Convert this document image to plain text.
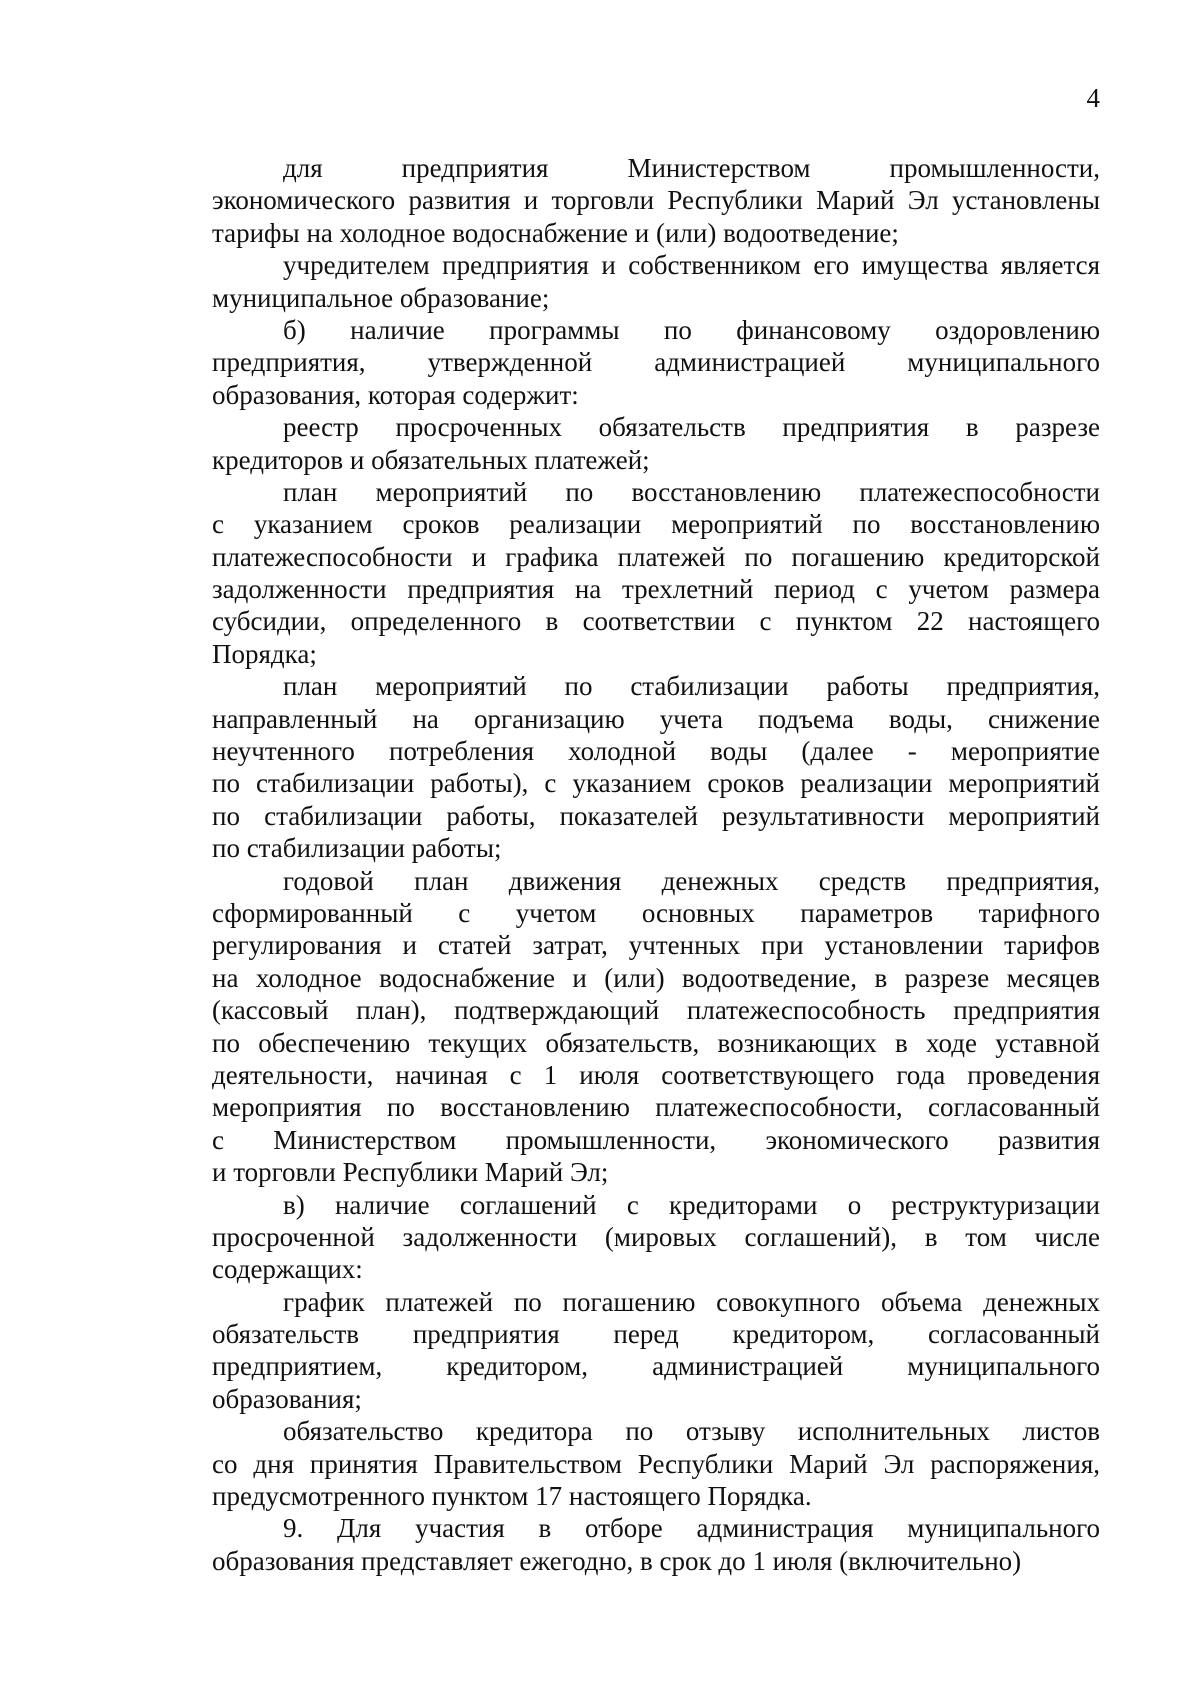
4
для предприятия Министерством промышленности,
экономического развития и торговли Республики Марий Эл установлены
тарифы на холодное водоснабжение и (или) водоотведение;
учредителем предприятия и собственником его имущества является
муниципальное образование;
б) наличие программы по финансовому оздоровлению
предприятия, утвержденной администрацией муниципального
образования, которая содержит:
реестр просроченных обязательств предприятия в разрезе
кредиторов и обязательных платежей;
план мероприятий по восстановлению платежеспособности
с указанием сроков реализации мероприятий по восстановлению
платежеспособности и графика платежей по погашению кредиторской
задолженности предприятия на трехлетний период с учетом размера
субсидии, определенного в соответствии с пунктом 22 настоящего
Порядка;
план мероприятий по стабилизации работы предприятия,
направленный на организацию учета подъема воды, снижение
неучтенного потребления холодной воды (далее - мероприятие
по стабилизации работы), с указанием сроков реализации мероприятий
по стабилизации работы, показателей результативности мероприятий
по стабилизации работы;
годовой план движения денежных средств предприятия,
сформированный с учетом основных параметров тарифного
регулирования и статей затрат, учтенных при установлении тарифов
на холодное водоснабжение и (или) водоотведение, в разрезе месяцев
(кассовый план), подтверждающий платежеспособность предприятия
по обеспечению текущих обязательств, возникающих в ходе уставной
деятельности, начиная с 1 июля соответствующего года проведения
мероприятия по восстановлению платежеспособности, согласованный
с Министерством промышленности, экономического развития
и торговли Республики Марий Эл;
в) наличие соглашений с кредиторами о реструктуризации
просроченной задолженности (мировых соглашений), в том числе
содержащих:
график платежей по погашению совокупного объема денежных
обязательств предприятия перед кредитором, согласованный
предприятием, кредитором, администрацией муниципального
образования;
обязательство кредитора по отзыву исполнительных листов
со дня принятия Правительством Республики Марий Эл распоряжения,
предусмотренного пунктом 17 настоящего Порядка.
9. Для участия в отборе администрация муниципального
образования представляет ежегодно, в срок до 1 июля (включительно)
